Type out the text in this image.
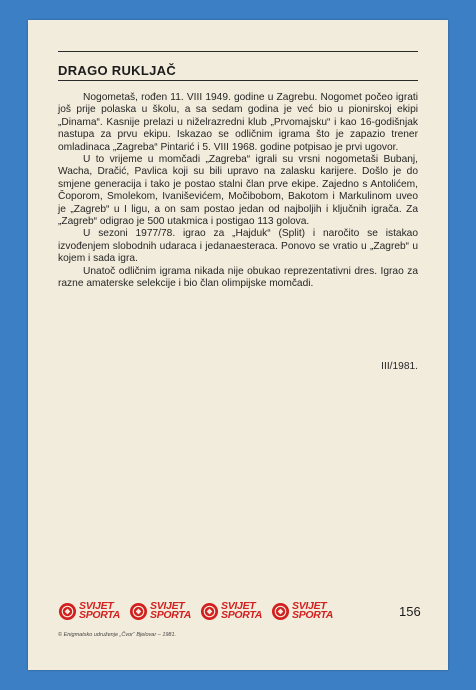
DRAGO RUKLJAČ

Nogometaš, rođen 11. VIII 1949. godine u Zagrebu. Nogomet počeo igrati još prije polaska u školu, a sa sedam godina je već bio u pionirskoj ekipi „Dinama“. Kasnije prelazi u niželrazredni klub „Prvomajsku“ i kao 16-godišnjak nastupa za prvu ekipu. Iskazao se odličnim igrama što je zapazio trener omladinaca „Zagreba“ Pintarić i 5. VIII 1968. godine potpisao je prvi ugovor.

U to vrijeme u momčadi „Zagreba“ igrali su vrsni nogometaši Bubanj, Wacha, Dračić, Pavlica koji su bili upravo na zalasku karijere. Došlo je do smjene generacija i tako je postao stalni član prve ekipe. Zajedno s Antolićem, Čoporom, Smolekom, Ivaniševićem, Močibobom, Bakotom i Markulinom uveo je „Zagreb“ u I ligu, a on sam postao jedan od najboljih i ključnih igrača. Za „Zagreb“ odigrao je 500 utakmica i postigao 113 golova.

U sezoni 1977/78. igrao za „Hajduk“ (Split) i naročito se istakao izvođenjem slobodnih udaraca i jedanaesteraca. Ponovo se vratio u „Zagreb“ u kojem i sada igra.

Unatoč odličnim igrama nikada nije obukao reprezentativni dres. Igrao za razne amaterske selekcije i bio član olimpijske momčadi.

III/1981.
SVIJET
SPORTA
SVIJET
SPORTA
SVIJET
SPORTA
SVIJET
SPORTA	156
© Enigmatsko udruženje „Čvor“ Bjelovar – 1981.
